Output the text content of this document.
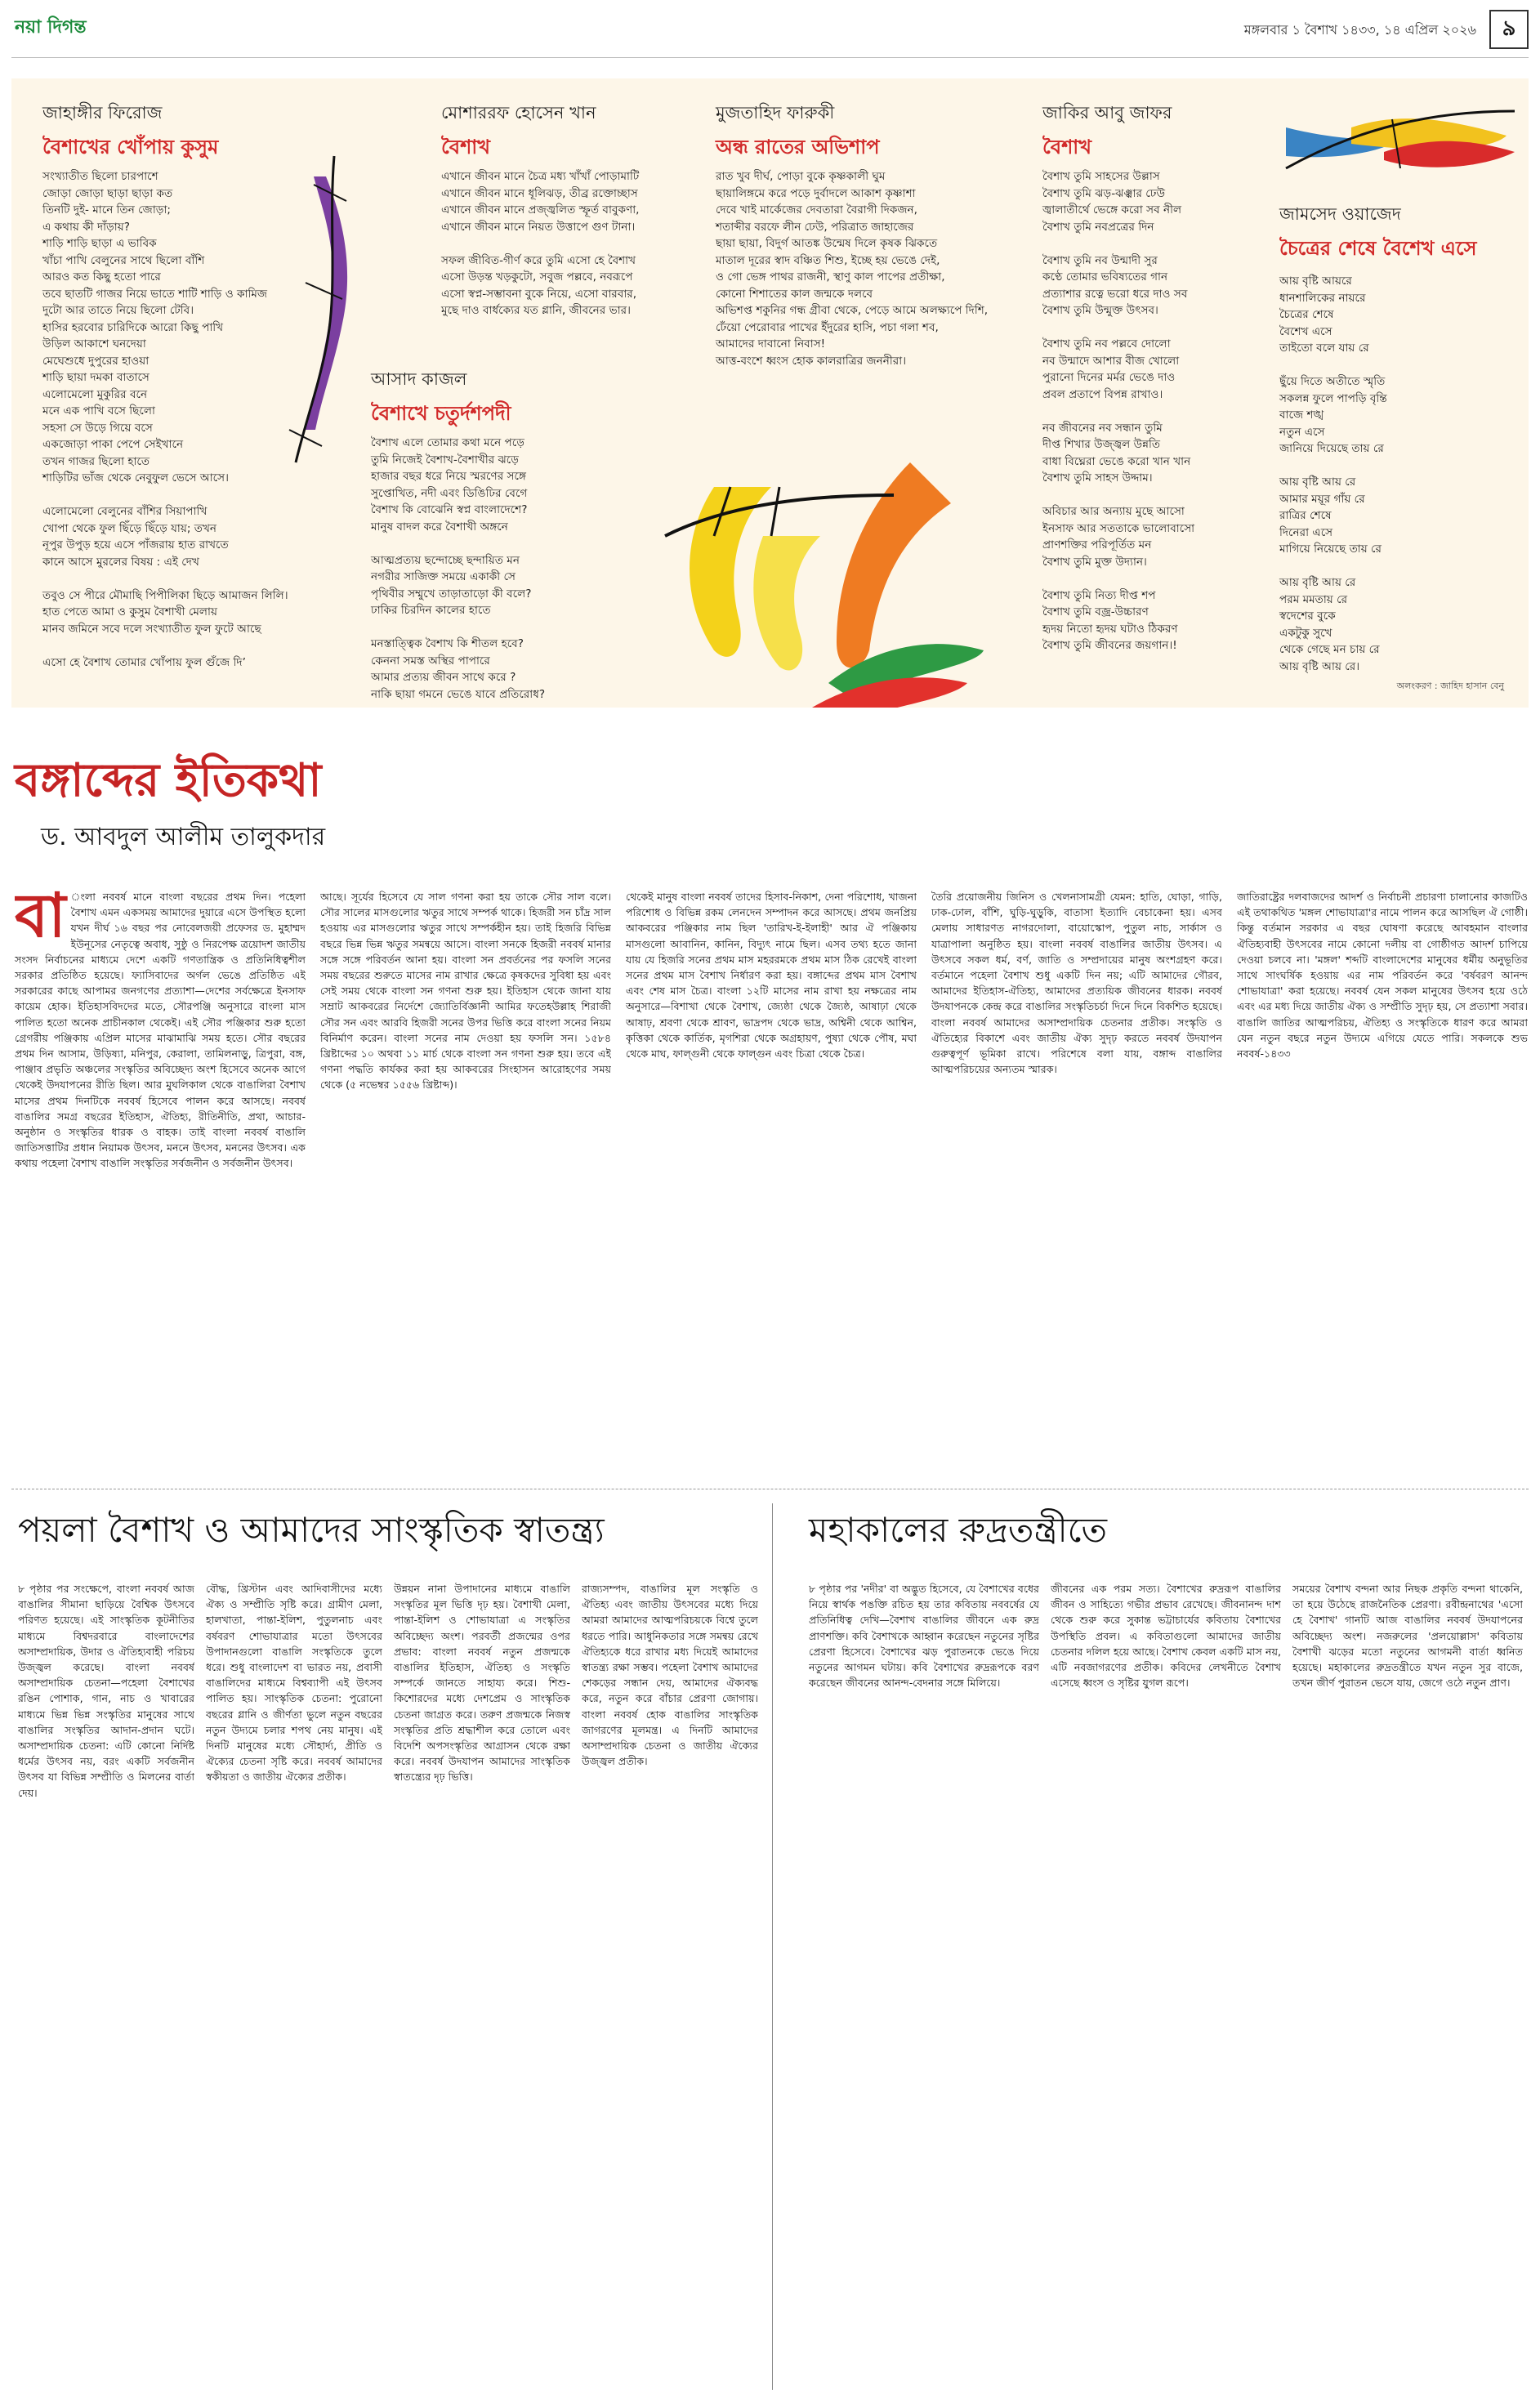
নয়া দিগন্ত	মঙ্গলবার ১ বৈশাখ ১৪৩৩, ১৪ এপ্রিল ২০২৬	৯
জাহাঙ্গীর ফিরোজ
বৈশাখের খোঁপায় কুসুম
সংখ্যাতীত ছিলো চারপাশে
জোড়া জোড়া ছাড়া ছাড়া কত
তিনটি দুই- মানে তিন জোড়া;
এ কথায় কী দাঁড়ায়?
শাড়ি শাড়ি ছাড়া এ ভাবিক
খাঁচা পাখি বেলুনের সাথে ছিলো বাঁশি
আরও কত কিছু হতো পারে
তবে ছাতটি গাজর নিয়ে ভাতে শাটি শাড়ি ও কামিজ
দুটো আর তাতে নিয়ে ছিলো টেবি।
হাসির হরবোর চারিদিকে আরো কিছু পাখি
উড়িল আকাশে ঘনদেয়া
মেঘেশুধে দুপুরের হাওয়া
শাড়ি ছায়া দমকা বাতাসে
এলোমেলো মুকুরির বনে
মনে এক পাখি বসে ছিলো
সহসা সে উড়ে গিয়ে বসে
একজোড়া পাকা পেপে সেইখানে
তখন গাজর ছিলো হাতে
শাড়িটির ভাঁজ থেকে নেবুফুল ভেসে আসে।

এলোমেলো বেলুনের বাঁশির সিয়াপাখি
খোপা থেকে ফুল ছিঁড়ে ছিঁড়ে যায়; তখন
নূপুর উপুড় হয়ে এসে পাঁজরায় হাত রাখতে
কানে আসে মুরলের বিষয় : এই দেখ

তবুও সে পীরে মৌমাছি পিপীলিকা ছিড়ে আমাজন লিলি।
হাত পেতে আমা ও কুসুম বৈশাখী মেলায়
মানব জমিনে সবে দলে সংখ্যাতীত ফুল ফুটে আছে

এসো হে বৈশাখ তোমার খোঁপায় ফুল গুঁজে দি’
মোশাররফ হোসেন খান
বৈশাখ
এখানে জীবন মানে চৈত্র মধ্য খাঁখাঁ পোড়ামাটি
এখানে জীবন মানে ধূলিঝড়, তীব্র রক্তোচ্ছাস
এখানে জীবন মানে প্রজ্জ্বলিত স্ফূর্ত বাবুকণা,
এখানে জীবন মানে নিয়ত উত্তাপে গুণ টানা।

সফল জীবিত-গীর্ণ করে তুমি এসো হে বৈশাখ
এসো উড়ন্ত খড়কুটো, সবুজ পল্লবে, নবরূপে
এসো স্বপ্ন-সম্ভাবনা বুকে নিয়ে, এসো বারবার,
মুছে দাও বার্ধক্যের যত গ্লানি, জীবনের ভার।
আসাদ কাজল
বৈশাখে চতুর্দশপদী
বৈশাখ এলে তোমার কথা মনে পড়ে
তুমি নিজেই বৈশাখ-বৈশাখীর ঝড়ে
হাজার বছর ধরে নিয়ে স্মরণের সঙ্গে
সুপ্তোখিত, নদী এবং ডিঙিঢির বেগে
বৈশাখ কি বোঝেনি স্বপ্ন বাংলাদেশে?
মানুষ বাদল করে বৈশাখী অঙ্গনে

আত্মপ্রত্যয় ছন্দোচ্ছে ছন্দায়িত মন
নগরীর সাজিক্ত সময়ে একাকী সে
পৃথিবীর সম্মুখে তাড়াতাড়ো কী বলে?
ঢাকির চিরদিন কালের হাতে

মনস্তাত্ত্বিক বৈশাখ কি শীতল হবে?
কেননা সমস্ত অস্থির পাপারে
আমার প্রত্যয় জীবন সাথে করে ?
নাকি ছায়া গমনে ভেঙে যাবে প্রতিরোধ?
মুজতাহিদ ফারুকী
অন্ধ রাতের অভিশাপ
রাত খুব দীর্ঘ, পোড়া বুকে কৃষ্ণকালী ঘুম
ছায়ালিঙ্গমে করে পড়ে দুর্বাদলে আকাশ কৃষ্ণাশা
দেবে খাই মার্কেজের দেবতারা বৈরাগী দিকজন,
শতাব্দীর বরফে লীন ঢেউ, পরিত্রাত জাহাজের
ছায়া ছায়া, বিদুর্গ আতঙ্ক উন্মেষ দিলে কৃষক ঝিকতে
মাতাল দূরের স্বাদ বঞ্চিত শিশু, ইচ্ছে হয় ভেঙে দেই,
ও গো ভেঙ্গ পাথর রাজনী, স্থাণু কাল পাপের প্রতীক্ষা,
কোনো শিশাতের কাল জন্মকে দলবে
অভিশপ্ত শকুনির গন্ধ গ্রীবা থেকে, পেড়ে আমে অলক্ষ্যপে দিশি,
ঢেঁয়ো পেরোবার পাখের ইঁদুরের হাসি, পচা গলা শব,
আমাদের দাবানো নিবাস!
আত্ত-বংশে ধ্বংস হোক কালরাত্রির জননীরা।
জাকির আবু জাফর
বৈশাখ
বৈশাখ তুমি সাহসের উল্লাস
বৈশাখ তুমি ঝড়-ঝঞ্ঝার ঢেউ
জ্বালাতীর্থে ভেঙ্গে করো সব নীল
বৈশাখ তুমি নবপ্রত্রের দিন

বৈশাখ তুমি নব উন্মাদী সুর
কণ্ঠে তোমার ভবিষ্যতের গান
প্রত্যাশার রত্নে ভরো ধরে দাও সব
বৈশাখ তুমি উন্মুক্ত উৎসব।

বৈশাখ তুমি নব পল্লবে দোলো
নব উন্মাদে আশার বীজ খোলো
পুরানো দিনের মর্মর ভেঙে দাও
প্রবল প্রতাপে বিপন্ন রাখাও।

নব জীবনের নব সন্ধান তুমি
দীপ্ত শিখার উজ্জ্বল উন্নতি
বাধা বিঘ্নেরা ভেঙে করো খান খান
বৈশাখ তুমি সাহস উদ্দাম।

অবিচার আর অন্যায় মুছে আসো
ইনসাফ আর সততাকে ভালোবাসো
প্রাণশক্তির পরিপূর্তিত মন
বৈশাখ তুমি মুক্ত উদ্যান।

বৈশাখ তুমি নিত্য দীপ্ত শপ
বৈশাখ তুমি বজ্র-উচ্চারণ
হৃদয় নিতো হৃদয় ঘটাও ঠিকরণ
বৈশাখ তুমি জীবনের জয়গান।!
জামসেদ ওয়াজেদ
চৈত্রের শেষে বৈশেখ এসে
আয় বৃষ্টি আয়রে
ধানশালিকের নায়রে
চৈত্রের শেষে
বৈশেখ এসে
তাইতো বলে যায় রে

ছুঁয়ে দিতে অতীতে স্মৃতি
সকলন্ন ফুলে পাপড়ি বৃন্তি
বাজে শঙ্খ
নতুন এসে
জানিয়ে দিয়েছে তায় রে

আয় বৃষ্টি আয় রে
আমার ময়ূর গাঁয় রে
রাত্রির শেষে
দিনেরা এসে
মাগিয়ে নিয়েছে তায় রে

আয় বৃষ্টি আয় রে
পরম মমতায় রে
স্বদেশের বুকে
একটুকু সুখে
থেকে গেছে মন চায় রে
আয় বৃষ্টি আয় রে।
অলংকরণ : জাহিদ হাসান বেনু
বঙ্গাব্দের ইতিকথা
ড. আবদুল আলীম তালুকদার
বা ংলা নববর্ষ মানে বাংলা বছরের প্রথম দিন। পহেলা বৈশাখ এমন একসময় আমাদের দুয়ারে এসে উপস্থিত হলো যখন দীর্ঘ ১৬ বছর পর নোবেলজয়ী প্রফেসর ড. মুহাম্মদ ইউনূসের নেতৃত্বে অবাধ, সুষ্ঠু ও নিরপেক্ষ ত্রয়োদশ জাতীয় সংসদ নির্বাচনের মাধ্যমে দেশে একটি গণতান্ত্রিক ও প্রতিনিধিত্বশীল সরকার প্রতিষ্ঠিত হয়েছে। ফ্যাসিবাদের অর্গল ভেঙে প্রতিষ্ঠিত এই সরকারের কাছে আপামর জনগণের প্রত্যাশা—দেশের সর্বক্ষেত্রে ইনসাফ কায়েম হোক। ইতিহাসবিদদের মতে, সৌরপঞ্জি অনুসারে বাংলা মাস পালিত হতো অনেক প্রাচীনকাল থেকেই। এই সৌর পঞ্জিকার শুরু হতো গ্রেগরীয় পঞ্জিকায় এপ্রিল মাসের মাঝামাঝি সময় হতে। সৌর বছরের প্রথম দিন আসাম, উড়িষ্যা, মনিপুর, কেরালা, তামিলনাড়ু, ত্রিপুরা, বঙ্গ, পাঞ্জাব প্রভৃতি অঞ্চলের সংস্কৃতির অবিচ্ছেদ্য অংশ হিসেবে অনেক আগে থেকেই উদযাপনের রীতি ছিল। আর মুঘলিকাল থেকে বাঙালিরা বৈশাখ মাসের প্রথম দিনটিকে নববর্ষ হিসেবে পালন করে আসছে। নববর্ষ বাঙালির সমগ্র বছরের ইতিহাস, ঐতিহ্য, রীতিনীতি, প্রথা, আচার-অনুষ্ঠান ও সংস্কৃতির ধারক ও বাহক। তাই বাংলা নববর্ষ বাঙালি জাতিসত্তাটির প্রধান নিয়ামক উৎসব, মননে উৎসব, মননের উৎসব। এক কথায় পহেলা বৈশাখ বাঙালি সংস্কৃতির সর্বজনীন ও সর্বজনীন উৎসব।
আছে। সূর্যের হিসেবে যে সাল গণনা করা হয় তাকে সৌর সাল বলে। সৌর সালের মাসগুলোর ঋতুর সাথে সম্পর্ক থাকে। হিজরী সন চাঁদ্র সাল হওয়ায় এর মাসগুলোর ঋতুর সাথে সম্পর্কহীন হয়। তাই হিজরি বিভিন্ন বছরে ভিন্ন ভিন্ন ঋতুর সমন্বয়ে আসে। বাংলা সনকে হিজরী নববর্ষ মানার সঙ্গে সঙ্গে পরিবর্তন আনা হয়। বাংলা সন প্রবর্তনের পর ফসলি সনের সময় বছরের শুরুতে মাসের নাম রাখার ক্ষেত্রে কৃষকদের সুবিধা হয় এবং সেই সময় থেকে বাংলা সন গণনা শুরু হয়। ইতিহাস থেকে জানা যায় সম্রাট আকবরের নির্দেশে জ্যোতির্বিজ্ঞানী আমির ফতেহউল্লাহ শিরাজী সৌর সন এবং আরবি হিজরী সনের উপর ভিত্তি করে বাংলা সনের নিয়ম বিনির্মাণ করেন। বাংলা সনের নাম দেওয়া হয় ফসলি সন। ১৫৮৪ খ্রিষ্টাব্দের ১০ অথবা ১১ মার্চ থেকে বাংলা সন গণনা শুরু হয়। তবে এই গণনা পদ্ধতি কার্যকর করা হয় আকবরের সিংহাসন আরোহণের সময় থেকে (৫ নভেম্বর ১৫৫৬ খ্রিষ্টাব্দ)।
থেকেই মানুষ বাংলা নববর্ষ তাদের হিসাব-নিকাশ, দেনা পরিশোধ, খাজনা পরিশোধ ও বিভিন্ন রকম লেনদেন সম্পাদন করে আসছে। প্রথম জনপ্রিয় আকবরের পঞ্জিকার নাম ছিল 'তারিখ-ই-ইলাহী' আর ঐ পঞ্জিকায় মাসগুলো আবানিন, কানিন, বিদ্যুৎ নামে ছিল। এসব তথ্য হতে জানা যায় যে হিজরি সনের প্রথম মাস মহররমকে প্রথম মাস ঠিক রেখেই বাংলা সনের প্রথম মাস বৈশাখ নির্ধারণ করা হয়। বঙ্গাব্দের প্রথম মাস বৈশাখ এবং শেষ মাস চৈত্র। বাংলা ১২টি মাসের নাম রাখা হয় নক্ষত্রের নাম অনুসারে—বিশাখা থেকে বৈশাখ, জ্যেষ্ঠা থেকে জ্যৈষ্ঠ, আষাঢ়া থেকে আষাঢ়, শ্রবণা থেকে শ্রাবণ, ভাদ্রপদ থেকে ভাদ্র, অশ্বিনী থেকে আশ্বিন, কৃত্তিকা থেকে কার্তিক, মৃগশিরা থেকে অগ্রহায়ণ, পুষ্যা থেকে পৌষ, মঘা থেকে মাঘ, ফাল্গুনী থেকে ফাল্গুন এবং চিত্রা থেকে চৈত্র।
তৈরি প্রয়োজনীয় জিনিস ও খেলনাসামগ্রী যেমন: হাতি, ঘোড়া, গাড়ি, ঢাক-ঢোল, বাঁশি, ঘুড়ি-ঘুড়ুকি, বাতাসা ইত্যাদি বেচাকেনা হয়। এসব মেলায় সাধারণত নাগরদোলা, বায়োস্কোপ, পুতুল নাচ, সার্কাস ও যাত্রাপালা অনুষ্ঠিত হয়। বাংলা নববর্ষ বাঙালির জাতীয় উৎসব। এ উৎসবে সকল ধর্ম, বর্ণ, জাতি ও সম্প্রদায়ের মানুষ অংশগ্রহণ করে। বর্তমানে পহেলা বৈশাখ শুধু একটি দিন নয়; এটি আমাদের গৌরব, আমাদের ইতিহাস-ঐতিহ্য, আমাদের প্রত্যয়িক জীবনের ধারক। নববর্ষ উদযাপনকে কেন্দ্র করে বাঙালির সংস্কৃতিচর্চা দিনে দিনে বিকশিত হয়েছে। বাংলা নববর্ষ আমাদের অসাম্প্রদায়িক চেতনার প্রতীক। সংস্কৃতি ও ঐতিহ্যের বিকাশে এবং জাতীয় ঐক্য সুদৃঢ় করতে নববর্ষ উদযাপন গুরুত্বপূর্ণ ভূমিকা রাখে। পরিশেষে বলা যায়, বঙ্গাব্দ বাঙালির আত্মপরিচয়ের অন্যতম স্মারক।
জাতিরাষ্ট্রের দলবাজদের আদর্শ ও নির্বাচনী প্রচারণা চালানোর কাজটিও এই তথাকথিত 'মঙ্গল শোভাযাত্রা'র নামে পালন করে আসছিল ঐ গোষ্ঠী। কিন্তু বর্তমান সরকার এ বছর ঘোষণা করেছে আবহমান বাংলার ঐতিহ্যবাহী উৎসবের নামে কোনো দলীয় বা গোষ্ঠীগত আদর্শ চাপিয়ে দেওয়া চলবে না। 'মঙ্গল' শব্দটি বাংলাদেশের মানুষের ধর্মীয় অনুভূতির সাথে সাংঘর্ষিক হওয়ায় এর নাম পরিবর্তন করে 'বর্ষবরণ আনন্দ শোভাযাত্রা' করা হয়েছে। নববর্ষ যেন সকল মানুষের উৎসব হয়ে ওঠে এবং এর মধ্য দিয়ে জাতীয় ঐক্য ও সম্প্রীতি সুদৃঢ় হয়, সে প্রত্যাশা সবার। বাঙালি জাতির আত্মপরিচয়, ঐতিহ্য ও সংস্কৃতিকে ধারণ করে আমরা যেন নতুন বছরে নতুন উদ্যমে এগিয়ে যেতে পারি। সকলকে শুভ নববর্ষ-১৪৩৩
পয়লা বৈশাখ ও আমাদের সাংস্কৃতিক স্বাতন্ত্র্য
৮ পৃষ্ঠার পর সংক্ষেপে, বাংলা নববর্ষ আজ বাঙালির সীমানা ছাড়িয়ে বৈশ্বিক উৎসবে পরিণত হয়েছে। এই সাংস্কৃতিক কূটনীতির মাধ্যমে বিশ্বদরবারে বাংলাদেশের অসাম্প্রদায়িক, উদার ও ঐতিহ্যবাহী পরিচয় উজ্জ্বল করেছে। বাংলা নববর্ষ অসাম্প্রদায়িক চেতনা—পহেলা বৈশাখের রঙিন পোশাক, গান, নাচ ও খাবারের মাধ্যমে ভিন্ন ভিন্ন সংস্কৃতির মানুষের সাথে বাঙালির সংস্কৃতির আদান-প্রদান ঘটে। অসাম্প্রদায়িক চেতনা: এটি কোনো নির্দিষ্ট ধর্মের উৎসব নয়, বরং একটি সর্বজনীন উৎসব যা বিভিন্ন সম্প্রীতি ও মিলনের বার্তা দেয়।
বৌদ্ধ, খ্রিস্টান এবং আদিবাসীদের মধ্যে ঐক্য ও সম্প্রীতি সৃষ্টি করে। গ্রামীণ মেলা, হালখাতা, পান্তা-ইলিশ, পুতুলনাচ এবং বর্ষবরণ শোভাযাত্রার মতো উৎসবের উপাদানগুলো বাঙালি সংস্কৃতিকে তুলে ধরে। শুধু বাংলাদেশ বা ভারত নয়, প্রবাসী বাঙালিদের মাধ্যমে বিশ্বব্যাপী এই উৎসব পালিত হয়। সাংস্কৃতিক চেতনা: পুরোনো বছরের গ্লানি ও জীর্ণতা ভুলে নতুন বছরের নতুন উদ্যমে চলার শপথ নেয় মানুষ। এই দিনটি মানুষের মধ্যে সৌহার্দ্য, প্রীতি ও ঐক্যের চেতনা সৃষ্টি করে। নববর্ষ আমাদের স্বকীয়তা ও জাতীয় ঐক্যের প্রতীক।
উন্নয়ন নানা উপাদানের মাধ্যমে বাঙালি সংস্কৃতির মূল ভিত্তি দৃঢ় হয়। বৈশাখী মেলা, পান্তা-ইলিশ ও শোভাযাত্রা এ সংস্কৃতির অবিচ্ছেদ্য অংশ। পরবর্তী প্রজন্মের ওপর প্রভাব: বাংলা নববর্ষ নতুন প্রজন্মকে বাঙালির ইতিহাস, ঐতিহ্য ও সংস্কৃতি সম্পর্কে জানতে সাহায্য করে। শিশু-কিশোরদের মধ্যে দেশপ্রেম ও সাংস্কৃতিক চেতনা জাগ্রত করে। তরুণ প্রজন্মকে নিজস্ব সংস্কৃতির প্রতি শ্রদ্ধাশীল করে তোলে এবং বিদেশি অপসংস্কৃতির আগ্রাসন থেকে রক্ষা করে। নববর্ষ উদযাপন আমাদের সাংস্কৃতিক স্বাতন্ত্র্যের দৃঢ় ভিত্তি।
রাজ্যসম্পদ, বাঙালির মূল সংস্কৃতি ও ঐতিহ্য এবং জাতীয় উৎসবের মধ্যে দিয়ে আমরা আমাদের আত্মপরিচয়কে বিশ্বে তুলে ধরতে পারি। আধুনিকতার সঙ্গে সমন্বয় রেখে ঐতিহ্যকে ধরে রাখার মধ্য দিয়েই আমাদের স্বাতন্ত্র্য রক্ষা সম্ভব। পহেলা বৈশাখ আমাদের শেকড়ের সন্ধান দেয়, আমাদের ঐক্যবদ্ধ করে, নতুন করে বাঁচার প্রেরণা জোগায়। বাংলা নববর্ষ হোক বাঙালির সাংস্কৃতিক জাগরণের মূলমন্ত্র। এ দিনটি আমাদের অসাম্প্রদায়িক চেতনা ও জাতীয় ঐক্যের উজ্জ্বল প্রতীক।
মহাকালের রুদ্রতন্ত্রীতে
৮ পৃষ্ঠার পর 'নদীর' বা অদ্ভুত হিসেবে, যে বৈশাখের বধের নিয়ে স্বার্থক পঙক্তি রচিত হয় তার কবিতায় নববর্ষের যে প্রতিনিধিত্ব দেখি—বৈশাখ বাঙালির জীবনে এক রুদ্র প্রাণশক্তি। কবি বৈশাখকে আহ্বান করেছেন নতুনের সৃষ্টির প্রেরণা হিসেবে। বৈশাখের ঝড় পুরাতনকে ভেঙে দিয়ে নতুনের আগমন ঘটায়। কবি বৈশাখের রুদ্ররূপকে বরণ করেছেন জীবনের আনন্দ-বেদনার সঙ্গে মিলিয়ে।
জীবনের এক পরম সত্য। বৈশাখের রুদ্ররূপ বাঙালির জীবন ও সাহিত্যে গভীর প্রভাব রেখেছে। জীবনানন্দ দাশ থেকে শুরু করে সুকান্ত ভট্টাচার্যের কবিতায় বৈশাখের উপস্থিতি প্রবল। এ কবিতাগুলো আমাদের জাতীয় চেতনার দলিল হয়ে আছে। বৈশাখ কেবল একটি মাস নয়, এটি নবজাগরণের প্রতীক। কবিদের লেখনীতে বৈশাখ এসেছে ধ্বংস ও সৃষ্টির যুগল রূপে।
সময়ের বৈশাখ বন্দনা আর নিছক প্রকৃতি বন্দনা থাকেনি, তা হয়ে উঠেছে রাজনৈতিক প্রেরণা। রবীন্দ্রনাথের 'এসো হে বৈশাখ' গানটি আজ বাঙালির নববর্ষ উদযাপনের অবিচ্ছেদ্য অংশ। নজরুলের 'প্রলয়োল্লাস' কবিতায় বৈশাখী ঝড়ের মতো নতুনের আগমনী বার্তা ধ্বনিত হয়েছে। মহাকালের রুদ্রতন্ত্রীতে যখন নতুন সুর বাজে, তখন জীর্ণ পুরাতন ভেসে যায়, জেগে ওঠে নতুন প্রাণ।
